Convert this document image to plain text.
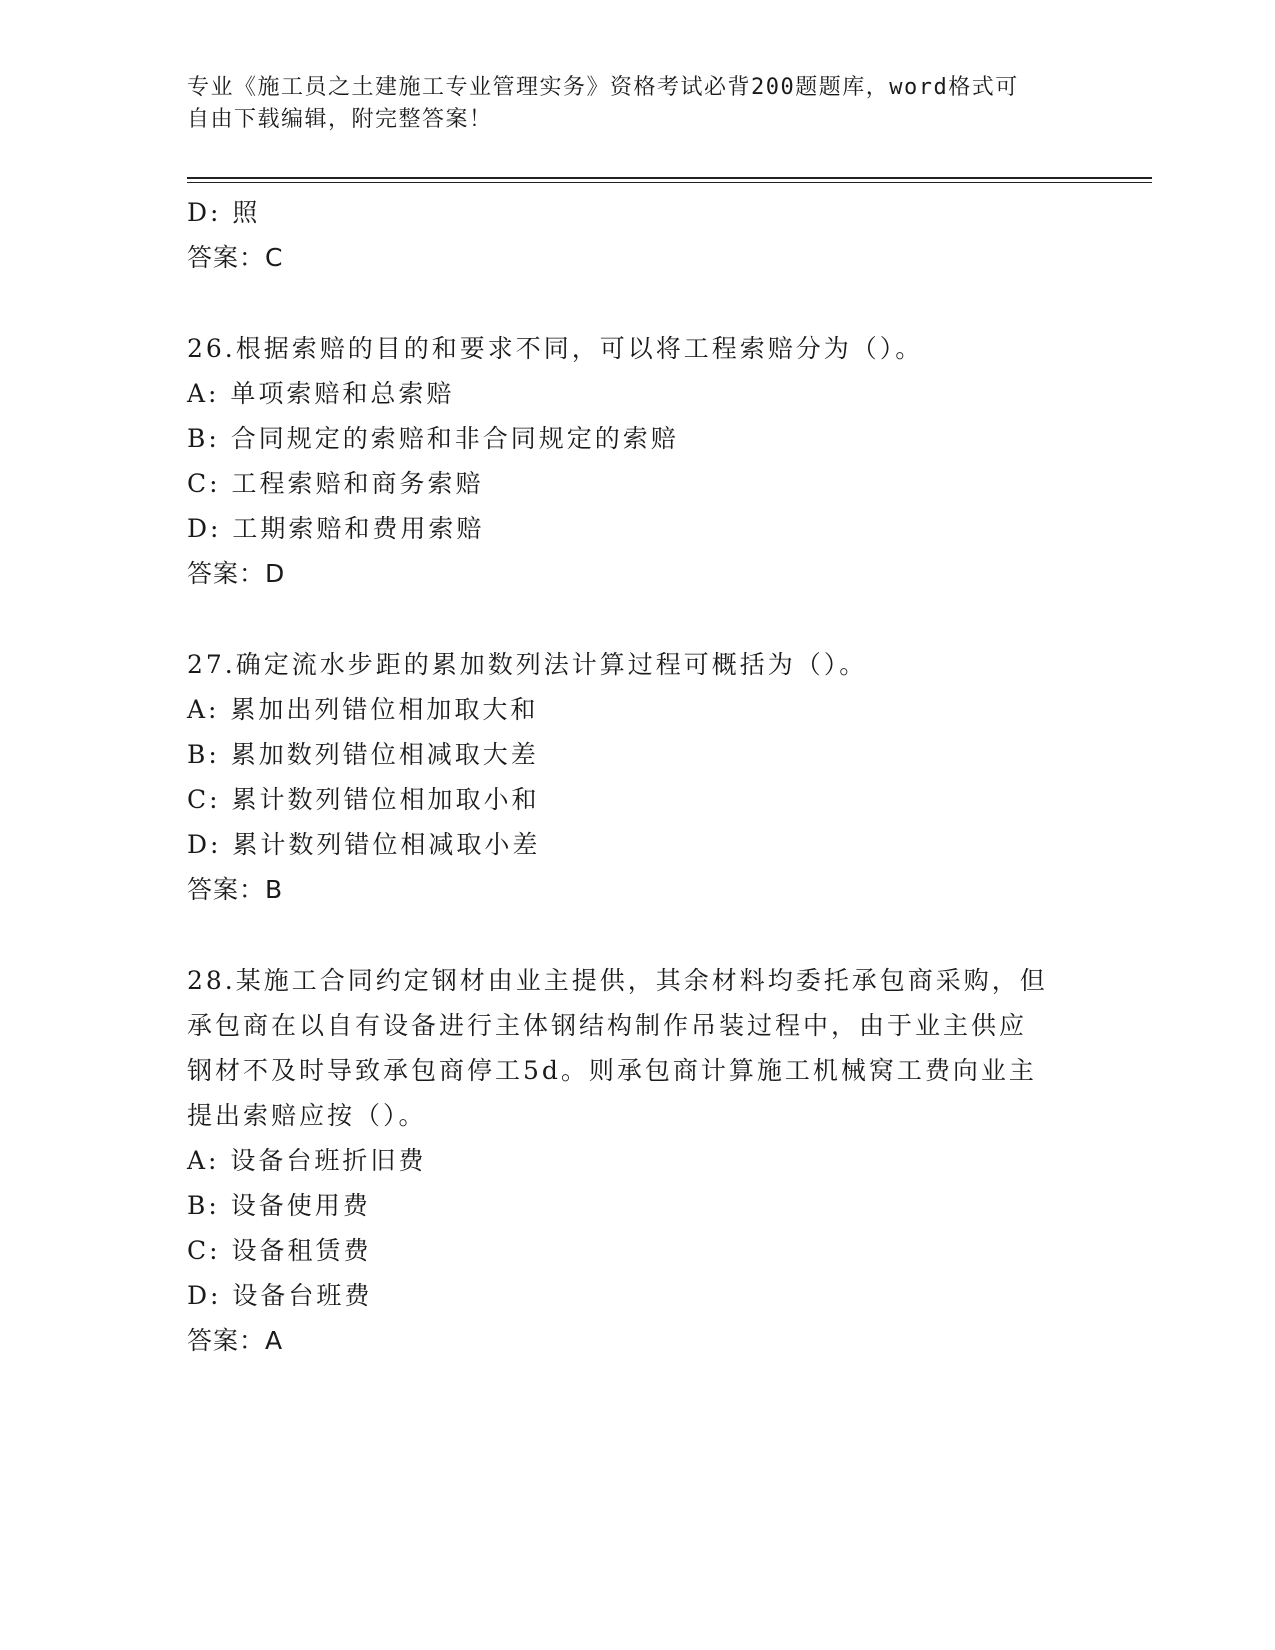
专业《施工员之土建施工专业管理实务》资格考试必背200题题库，word格式可
自由下载编辑，附完整答案！
D: 照
答案：C
26.根据索赔的目的和要求不同，可以将工程索赔分为（）。
A: 单项索赔和总索赔
B: 合同规定的索赔和非合同规定的索赔
C: 工程索赔和商务索赔
D: 工期索赔和费用索赔
答案：D
27.确定流水步距的累加数列法计算过程可概括为（）。
A: 累加出列错位相加取大和
B: 累加数列错位相减取大差
C: 累计数列错位相加取小和
D: 累计数列错位相减取小差
答案：B
28.某施工合同约定钢材由业主提供，其余材料均委托承包商采购，但
承包商在以自有设备进行主体钢结构制作吊装过程中，由于业主供应
钢材不及时导致承包商停工5d。则承包商计算施工机械窝工费向业主
提出索赔应按（）。
A: 设备台班折旧费
B: 设备使用费
C: 设备租赁费
D: 设备台班费
答案：A
